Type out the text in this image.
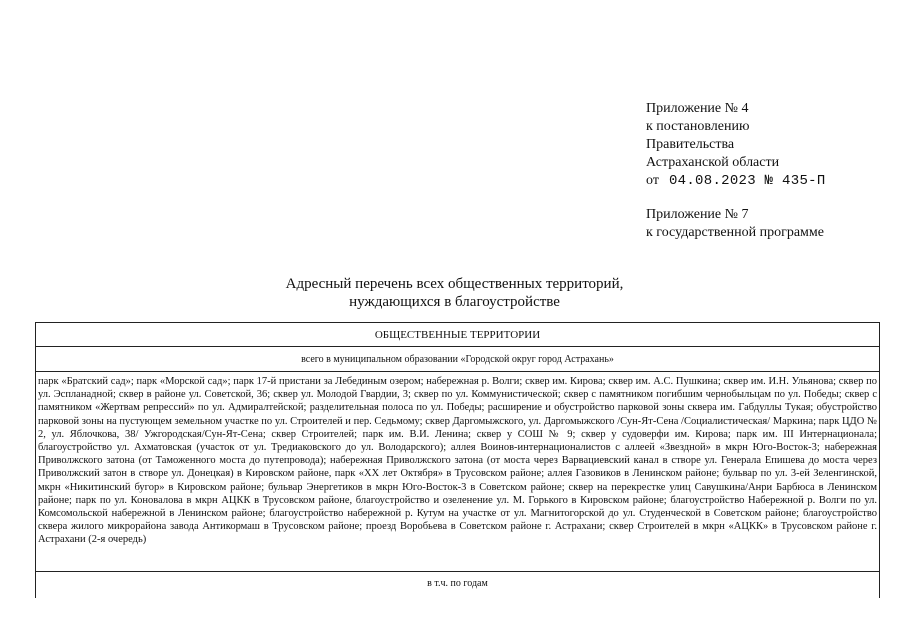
Приложение № 4
к постановлению
Правительства
Астраханской области
от 04.08.2023 № 435-П
Приложение № 7
к государственной программе
Адресный перечень всех общественных территорий,
нуждающихся в благоустройстве
ОБЩЕСТВЕННЫЕ ТЕРРИТОРИИ
всего в муниципальном образовании «Городской округ город Астрахань»
парк «Братский сад»; парк «Морской сад»; парк 17-й пристани за Лебединым озером; набережная р. Волги; сквер им. Кирова; сквер им. А.С. Пушкина; сквер им. И.Н. Ульянова; сквер по ул. Эспланадной; сквер в районе ул. Советской, 36; сквер ул. Молодой Гвардии, 3; сквер по ул. Коммунистической; сквер с памятником погибшим чернобыльцам по ул. Победы; сквер с памятником «Жертвам репрессий» по ул. Адмиралтейской; разделительная полоса по ул. Победы; расширение и обустройство парковой зоны сквера им. Габдуллы Тукая; обустройство парковой зоны на пустующем земельном участке по ул. Строителей и пер. Седьмому; сквер Даргомыжского, ул. Даргомыжского /Сун-Ят-Сена /Социалистическая/ Маркина; парк ЦДО № 2, ул. Яблочкова, 38/ Ужгородская/Сун-Ят-Сена; сквер Строителей; парк им. В.И. Ленина; сквер у СОШ № 9; сквер у судоверфи им. Кирова; парк им. III Интернационала; благоустройство ул. Ахматовская (участок от ул. Тредиаковского до ул. Володарского); аллея Воинов-интернационалистов с аллеей «Звездной» в мкрн Юго-Восток-3; набережная Приволжского затона (от Таможенного моста до путепровода); набережная Приволжского затона (от моста через Варвациевский канал в створе ул. Генерала Епишева до моста через Приволжский затон в створе ул. Донецкая) в Кировском районе, парк «ХХ лет Октября» в Трусовском районе; аллея Газовиков в Ленинском районе; бульвар по ул. 3-ей Зеленгинской, мкрн «Никитинский бугор» в Кировском районе; бульвар Энергетиков в мкрн Юго-Восток-3 в Советском районе; сквер на перекрестке улиц Савушкина/Анри Барбюса в Ленинском районе; парк по ул. Коновалова в мкрн АЦКК в Трусовском районе, благоустройство и озеленение ул. М. Горького в Кировском районе; благоустройство Набережной р. Волги по ул. Комсомольской набережной в Ленинском районе; благоустройство набережной р. Кутум на участке от ул. Магнитогорской до ул. Студенческой в Советском районе; благоустройство сквера жилого микрорайона завода Антикормаш в Трусовском районе; проезд Воробьева в Советском районе г. Астрахани; сквер Строителей в мкрн «АЦКК» в Трусовском районе г. Астрахани (2-я очередь)
в т.ч. по годам
